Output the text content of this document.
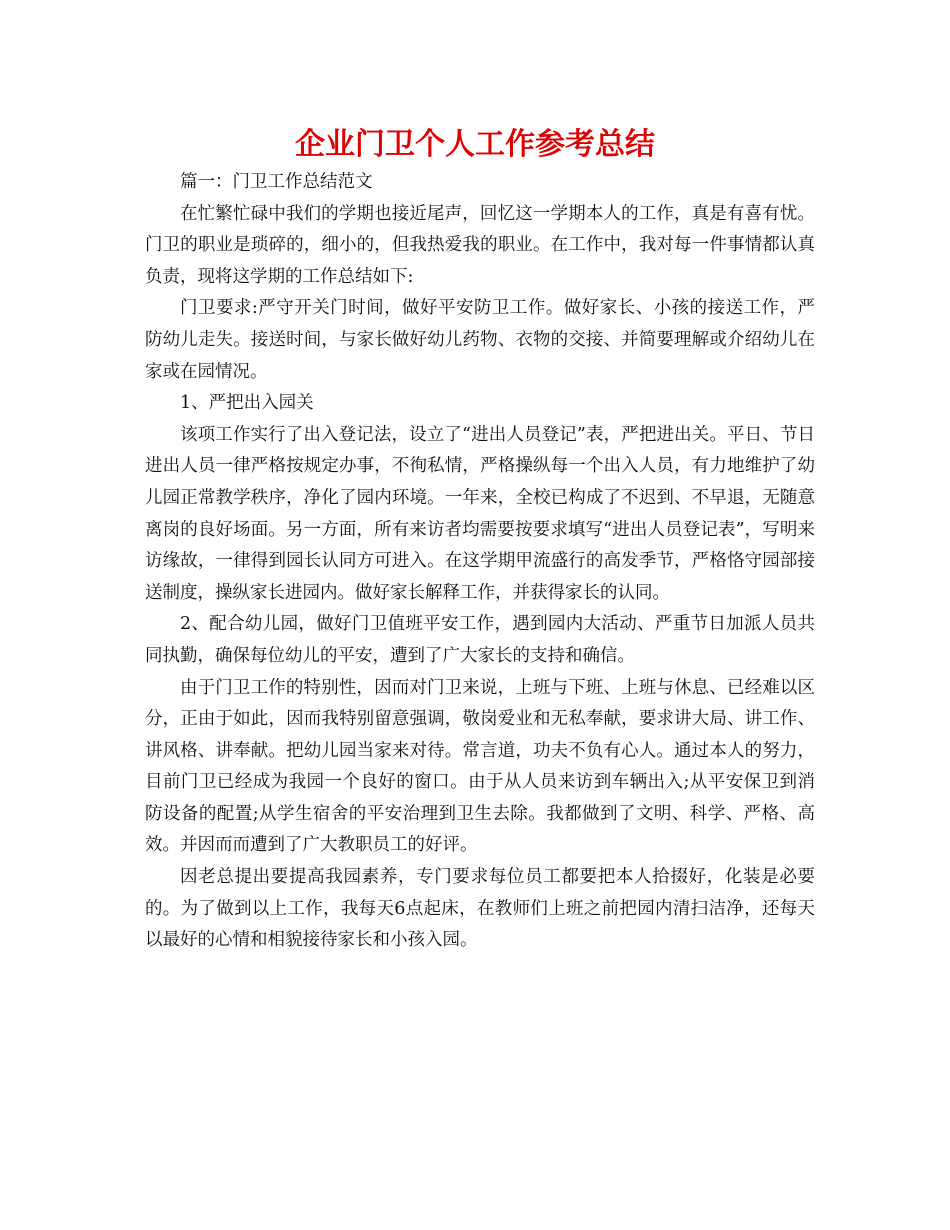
企业门卫个人工作参考总结

篇一：门卫工作总结范文

在忙繁忙碌中我们的学期也接近尾声，回忆这一学期本人的工作，真是有喜有忧。门卫的职业是琐碎的，细小的，但我热爱我的职业。在工作中，我对每一件事情都认真负责，现将这学期的工作总结如下:

门卫要求:严守开关门时间，做好平安防卫工作。做好家长、小孩的接送工作，严防幼儿走失。接送时间，与家长做好幼儿药物、衣物的交接、并简要理解或介绍幼儿在家或在园情况。

1、严把出入园关

该项工作实行了出入登记法，设立了“进出人员登记”表，严把进出关。平日、节日进出人员一律严格按规定办事，不徇私情，严格操纵每一个出入人员，有力地维护了幼儿园正常教学秩序，净化了园内环境。一年来，全校已构成了不迟到、不早退，无随意离岗的良好场面。另一方面，所有来访者均需要按要求填写“进出人员登记表”，写明来访缘故，一律得到园长认同方可进入。在这学期甲流盛行的高发季节，严格恪守园部接送制度，操纵家长进园内。做好家长解释工作，并获得家长的认同。

2、配合幼儿园，做好门卫值班平安工作，遇到园内大活动、严重节日加派人员共同执勤，确保每位幼儿的平安，遭到了广大家长的支持和确信。

由于门卫工作的特别性，因而对门卫来说，上班与下班、上班与休息、已经难以区分，正由于如此，因而我特别留意强调，敬岗爱业和无私奉献，要求讲大局、讲工作、讲风格、讲奉献。把幼儿园当家来对待。常言道，功夫不负有心人。通过本人的努力，目前门卫已经成为我园一个良好的窗口。由于从人员来访到车辆出入;从平安保卫到消防设备的配置;从学生宿舍的平安治理到卫生去除。我都做到了文明、科学、严格、高效。并因而而遭到了广大教职员工的好评。

因老总提出要提高我园素养，专门要求每位员工都要把本人拾掇好，化装是必要的。为了做到以上工作，我每天6点起床，在教师们上班之前把园内清扫洁净，还每天以最好的心情和相貌接待家长和小孩入园。
